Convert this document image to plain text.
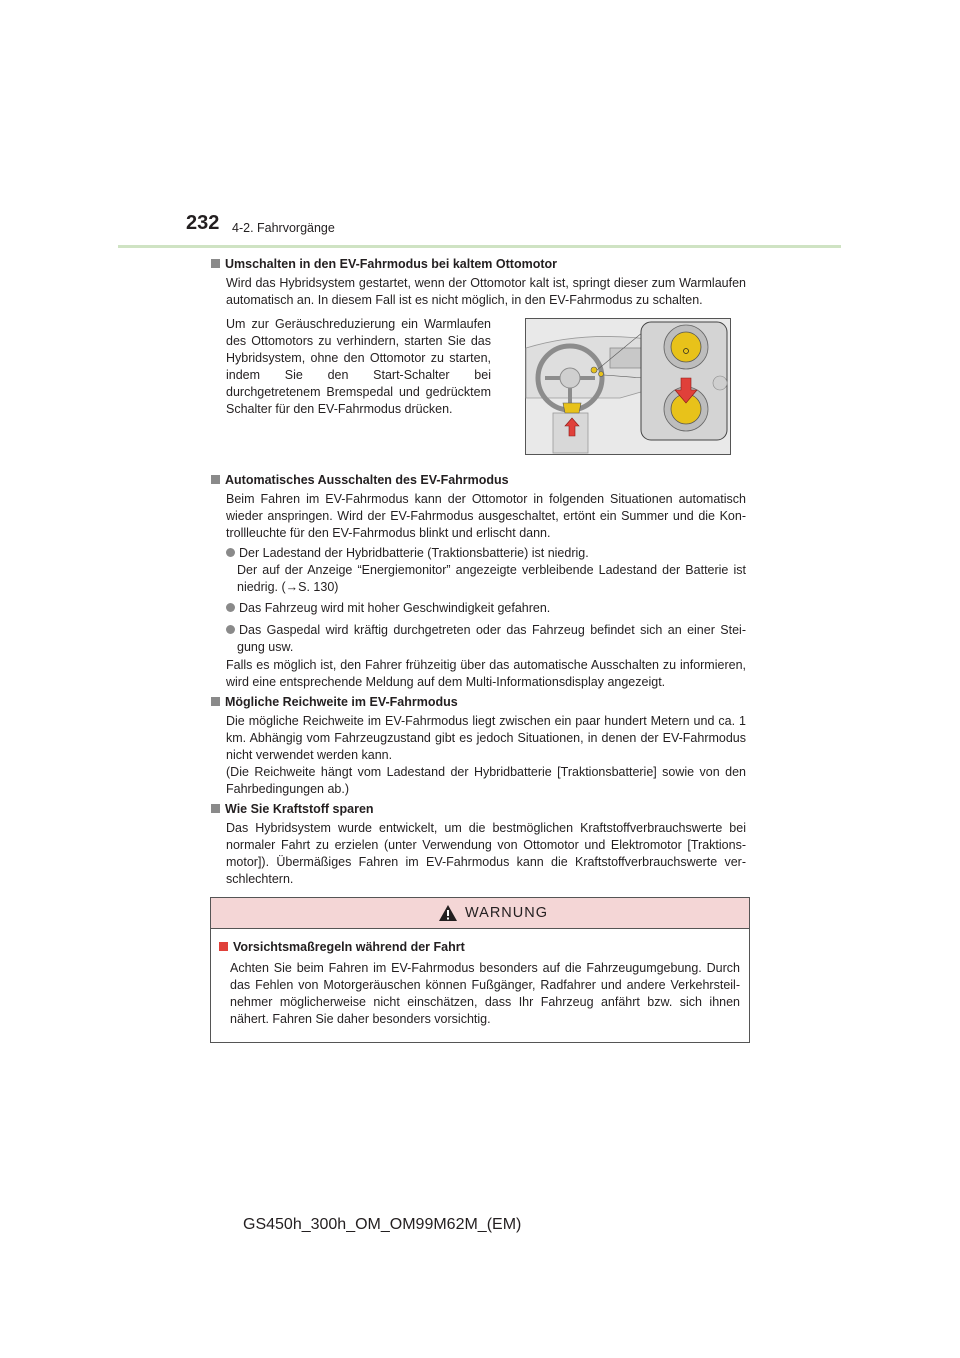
232 4-2. Fahrvorgänge
Umschalten in den EV-Fahrmodus bei kaltem Ottomotor
Wird das Hybridsystem gestartet, wenn der Ottomotor kalt ist, springt dieser zum Warmlaufen automatisch an. In diesem Fall ist es nicht möglich, in den EV-Fahrmodus zu schalten.
Um zur Geräuschreduzierung ein Warmlaufen des Ottomotors zu verhindern, starten Sie das Hybridsystem, ohne den Ottomotor zu starten, indem Sie den Start-Schalter bei durchgetretenem Bremspedal und gedrücktem Schalter für den EV-Fahrmodus drücken.
Automatisches Ausschalten des EV-Fahrmodus
Beim Fahren im EV-Fahrmodus kann der Ottomotor in folgenden Situationen automatisch wieder anspringen. Wird der EV-Fahrmodus ausgeschaltet, ertönt ein Summer und die Kontrollleuchte für den EV-Fahrmodus blinkt und erlischt dann.
Der Ladestand der Hybridbatterie (Traktionsbatterie) ist niedrig.
Der auf der Anzeige “Energiemonitor” angezeigte verbleibende Ladestand der Batterie ist niedrig. (→S. 130)
Das Fahrzeug wird mit hoher Geschwindigkeit gefahren.
Das Gaspedal wird kräftig durchgetreten oder das Fahrzeug befindet sich an einer Steigung usw.
Falls es möglich ist, den Fahrer frühzeitig über das automatische Ausschalten zu informieren, wird eine entsprechende Meldung auf dem Multi-Informationsdisplay angezeigt.
Mögliche Reichweite im EV-Fahrmodus
Die mögliche Reichweite im EV-Fahrmodus liegt zwischen ein paar hundert Metern und ca. 1 km. Abhängig vom Fahrzeugzustand gibt es jedoch Situationen, in denen der EV-Fahrmodus nicht verwendet werden kann.
(Die Reichweite hängt vom Ladestand der Hybridbatterie [Traktionsbatterie] sowie von den Fahrbedingungen ab.)
Wie Sie Kraftstoff sparen
Das Hybridsystem wurde entwickelt, um die bestmöglichen Kraftstoffverbrauchswerte bei normaler Fahrt zu erzielen (unter Verwendung von Ottomotor und Elektromotor [Traktionsmotor]). Übermäßiges Fahren im EV-Fahrmodus kann die Kraftstoffverbrauchswerte verschlechtern.
WARNUNG
Vorsichtsmaßregeln während der Fahrt
Achten Sie beim Fahren im EV-Fahrmodus besonders auf die Fahrzeugumgebung. Durch das Fehlen von Motorgeräuschen können Fußgänger, Radfahrer und andere Verkehrsteilnehmer möglicherweise nicht einschätzen, dass Ihr Fahrzeug anfährt bzw. sich ihnen nähert. Fahren Sie daher besonders vorsichtig.
GS450h_300h_OM_OM99M62M_(EM)
